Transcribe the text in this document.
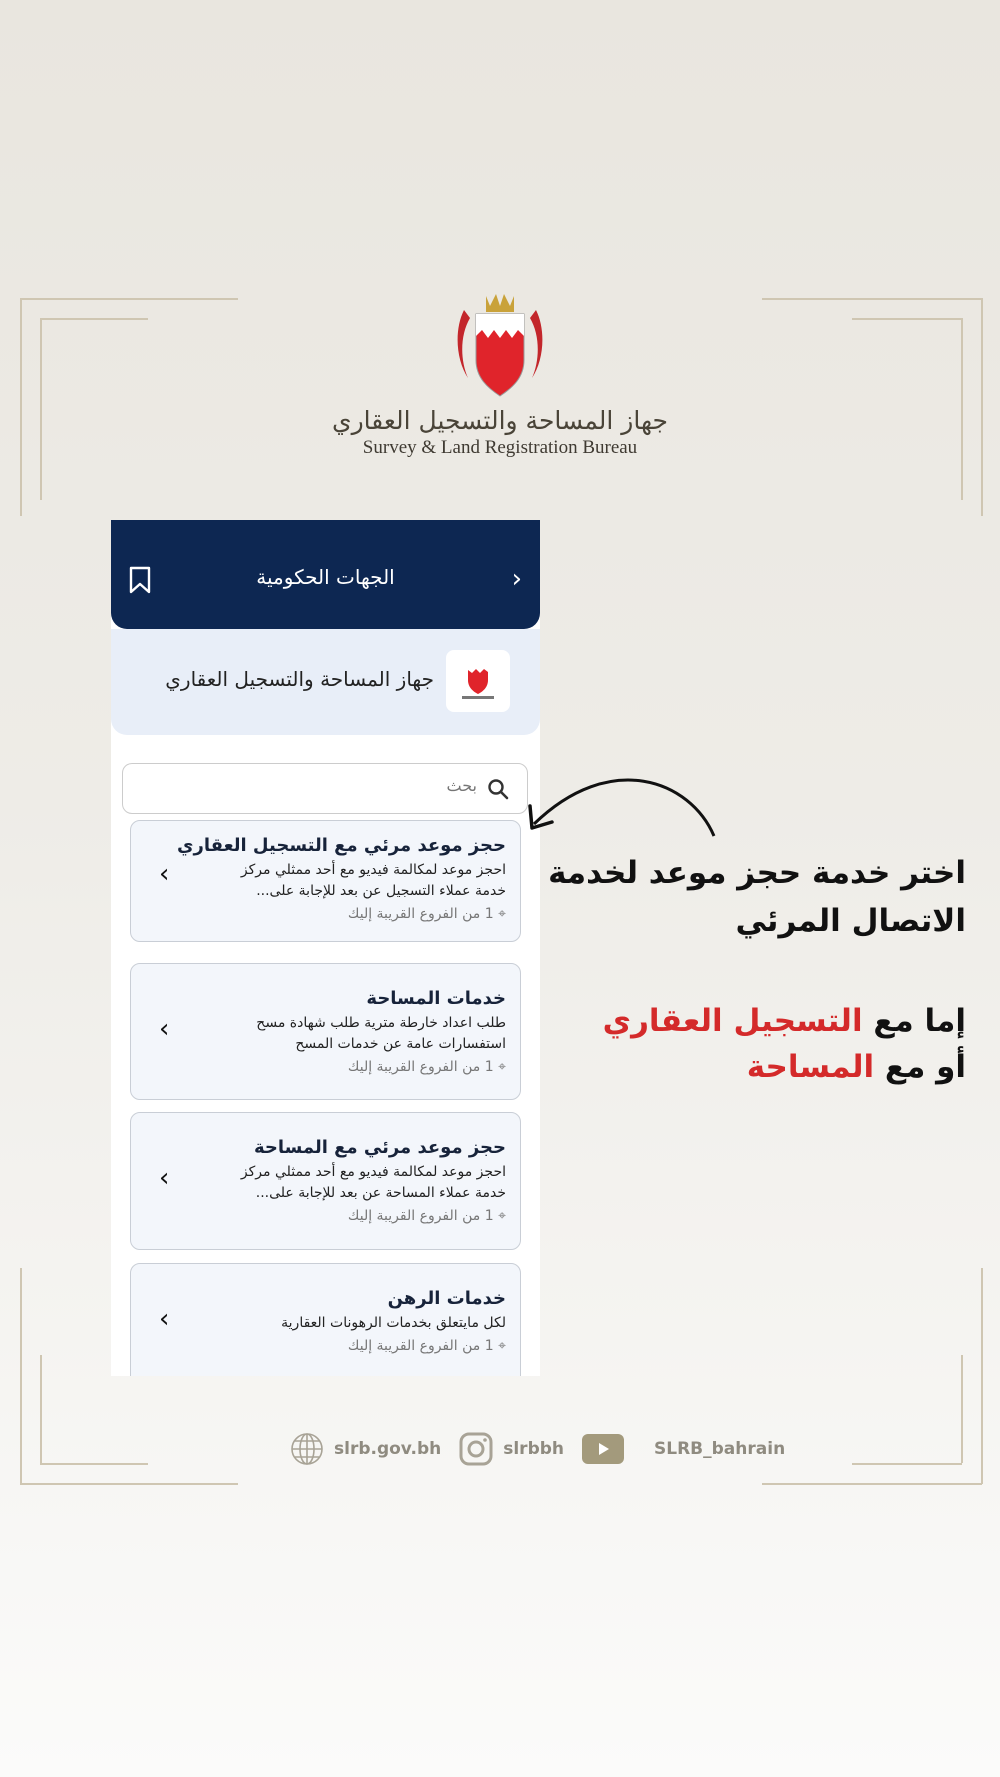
جهاز المساحة والتسجيل العقاري
Survey & Land Registration Bureau
›
الجهات الحكومية
جهاز المساحة والتسجيل العقاري
بحث
حجز موعد مرئي مع التسجيل العقاري
احجز موعد لمكالمة فيديو مع أحد ممثلي مركز
خدمة عملاء التسجيل عن بعد للإجابة على...
⌖ 1 من الفروع القريبة إليك
‹
خدمات المساحة
طلب اعداد خارطة مترية طلب شهادة مسح
استفسارات عامة عن خدمات المسح
⌖ 1 من الفروع القريبة إليك
‹
حجز موعد مرئي مع المساحة
احجز موعد لمكالمة فيديو مع أحد ممثلي مركز
خدمة عملاء المساحة عن بعد للإجابة على...
⌖ 1 من الفروع القريبة إليك
‹
خدمات الرهن
لكل مايتعلق بخدمات الرهونات العقارية
⌖ 1 من الفروع القريبة إليك
‹
اختر خدمة حجز موعد لخدمة
الاتصال المرئي
إما مع التسجيل العقاري
أو مع المساحة
slrb.gov.bh	slrbbh	SLRB_bahrain
